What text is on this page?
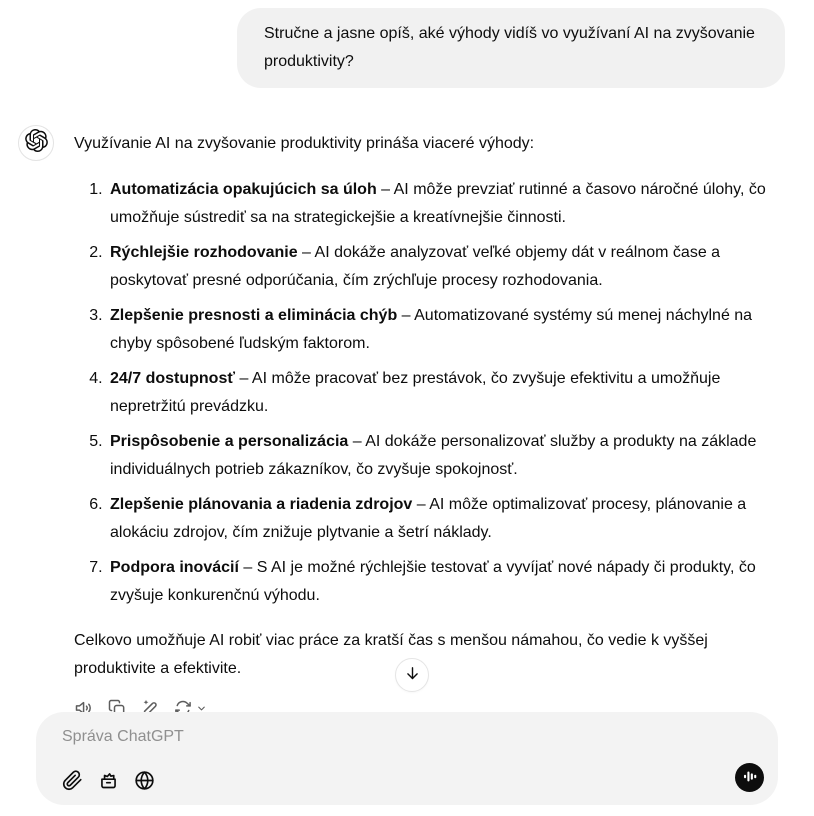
Stručne a jasne opíš, aké výhody vidíš vo využívaní AI na zvyšovanie produktivity?

Využívanie AI na zvyšovanie produktivity prináša viaceré výhody:

1. Automatizácia opakujúcich sa úloh – AI môže prevziať rutinné a časovo náročné úlohy, čo umožňuje sústrediť sa na strategickejšie a kreatívnejšie činnosti.
2. Rýchlejšie rozhodovanie – AI dokáže analyzovať veľké objemy dát v reálnom čase a poskytovať presné odporúčania, čím zrýchľuje procesy rozhodovania.
3. Zlepšenie presnosti a eliminácia chýb – Automatizované systémy sú menej náchylné na chyby spôsobené ľudským faktorom.
4. 24/7 dostupnosť – AI môže pracovať bez prestávok, čo zvyšuje efektivitu a umožňuje nepretržitú prevádzku.
5. Prispôsobenie a personalizácia – AI dokáže personalizovať služby a produkty na základe individuálnych potrieb zákazníkov, čo zvyšuje spokojnosť.
6. Zlepšenie plánovania a riadenia zdrojov – AI môže optimalizovať procesy, plánovanie a alokáciu zdrojov, čím znižuje plytvanie a šetrí náklady.
7. Podpora inovácií – S AI je možné rýchlejšie testovať a vyvíjať nové nápady či produkty, čo zvyšuje konkurenčnú výhodu.

Celkovo umožňuje AI robiť viac práce za kratší čas s menšou námahou, čo vedie k vyššej produktivite a efektivite.

Správa ChatGPT
